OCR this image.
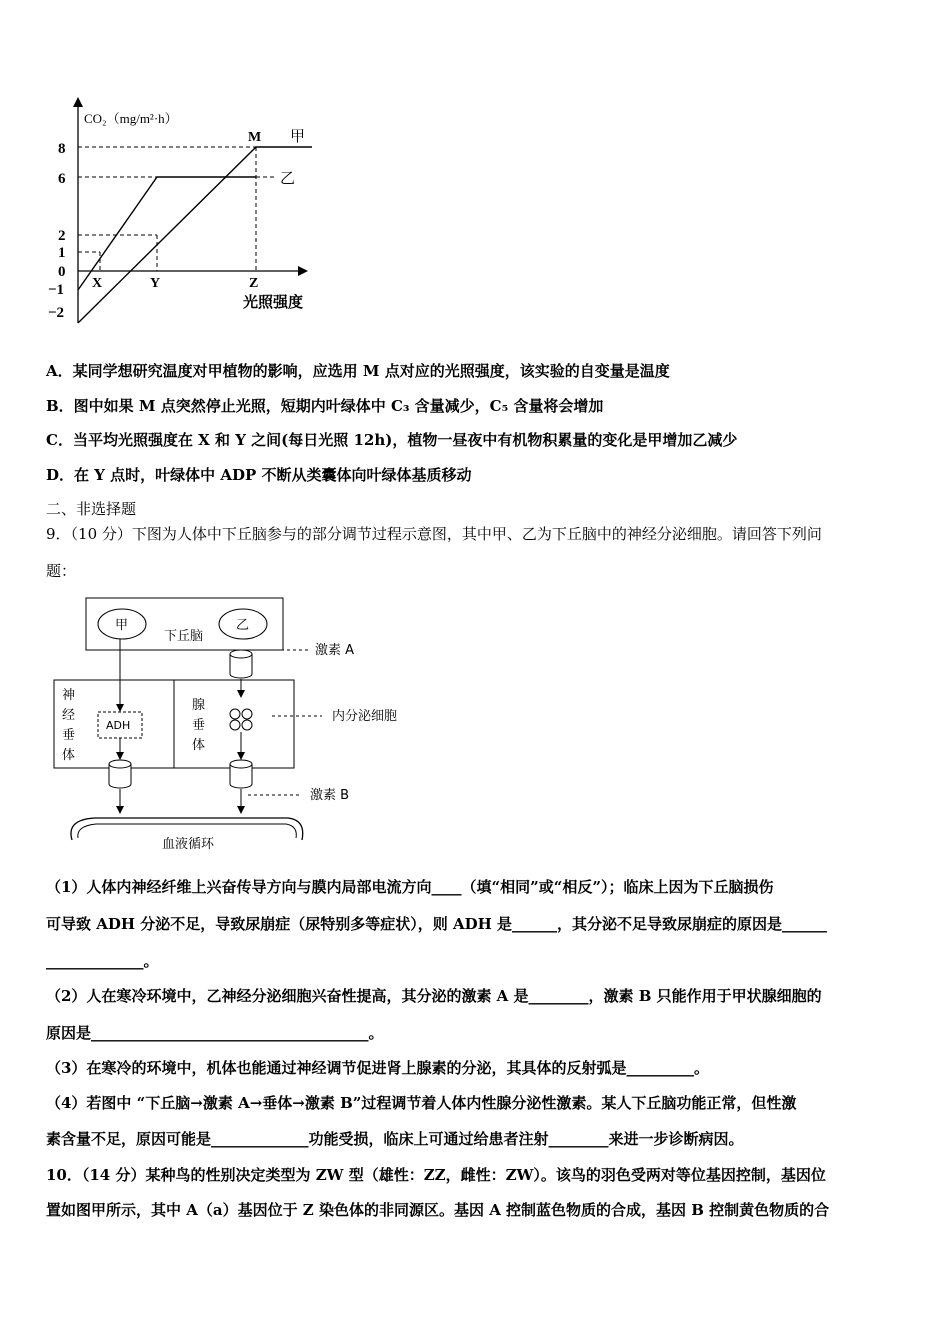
CO₂（mg/m²·h）
8
6
2
1
0
−1
−2
X	Y	Z
光照强度
M 甲
乙
A．某同学想研究温度对甲植物的影响，应选用 M 点对应的光照强度，该实验的自变量是温度
B．图中如果 M 点突然停止光照，短期内叶绿体中 C₃ 含量减少，C₅ 含量将会增加
C．当平均光照强度在 X 和 Y 之间(每日光照 12h)，植物一昼夜中有机物积累量的变化是甲增加乙减少
D．在 Y 点时，叶绿体中 ADP 不断从类囊体向叶绿体基质移动
二、非选择题
9．（10 分）下图为人体中下丘脑参与的部分调节过程示意图，其中甲、乙为下丘脑中的神经分泌细胞。请回答下列问
题：
甲	乙
下丘脑
神
经
垂
体
腺
垂
体
ADH
激素 A
内分泌细胞
激素 B
血液循环
（1）人体内神经纤维上兴奋传导方向与膜内局部电流方向____（填“相同”或“相反”）；临床上因为下丘脑损伤
可导致 ADH 分泌不足，导致尿崩症（尿特别多等症状），则 ADH 是______，其分泌不足导致尿崩症的原因是______
_____________。
（2）人在寒冷环境中，乙神经分泌细胞兴奋性提高，其分泌的激素 A 是________，激素 B 只能作用于甲状腺细胞的
原因是_____________________________________。
（3）在寒冷的环境中，机体也能通过神经调节促进肾上腺素的分泌，其具体的反射弧是_________。
（4）若图中 “下丘脑→激素 A→垂体→激素 B”过程调节着人体内性腺分泌性激素。某人下丘脑功能正常，但性激
素含量不足，原因可能是_____________功能受损，临床上可通过给患者注射________来进一步诊断病因。
10．（14 分）某种鸟的性别决定类型为 ZW 型（雄性：ZZ，雌性：ZW）。该鸟的羽色受两对等位基因控制，基因位
置如图甲所示，其中 A（a）基因位于 Z 染色体的非同源区。基因 A 控制蓝色物质的合成，基因 B 控制黄色物质的合
